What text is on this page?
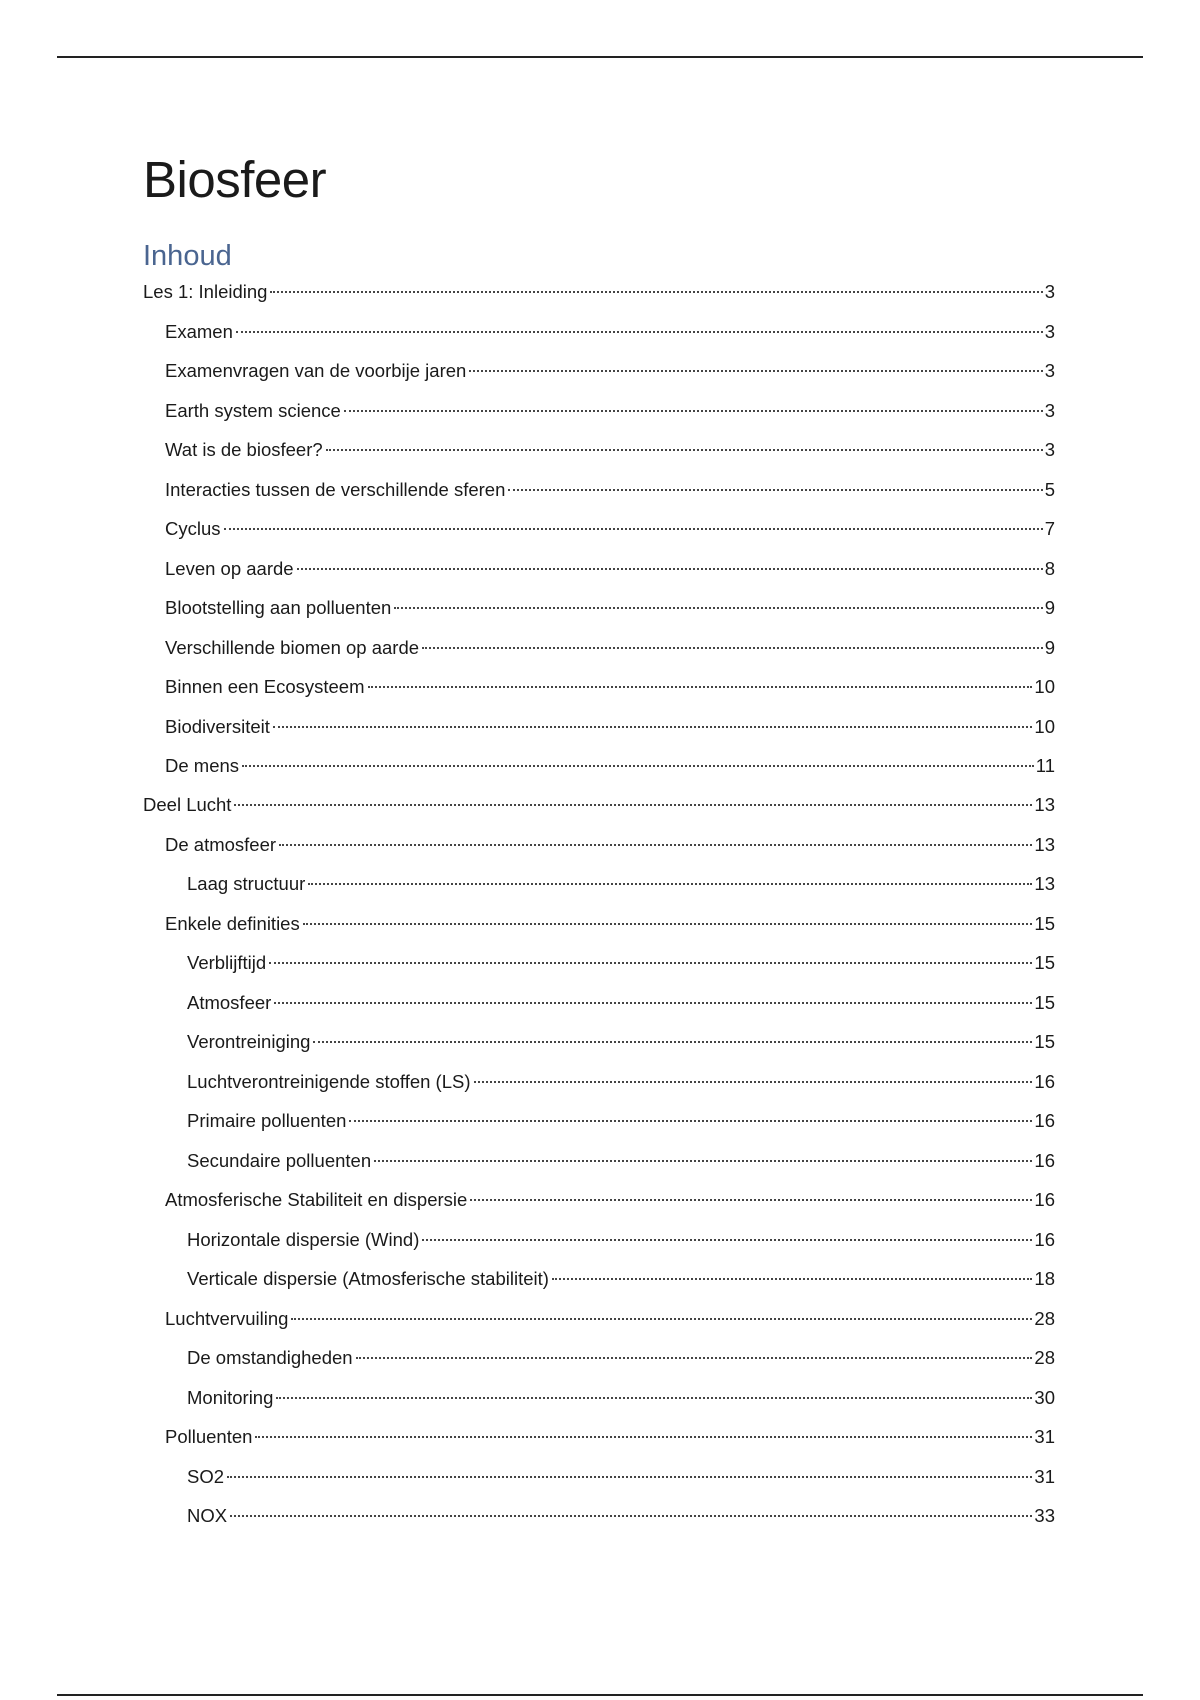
Biosfeer
Inhoud
Les 1: Inleiding	3
Examen	3
Examenvragen van de voorbije jaren	3
Earth system science	3
Wat is de biosfeer?	3
Interacties tussen de verschillende sferen	5
Cyclus	7
Leven op aarde	8
Blootstelling aan polluenten	9
Verschillende biomen op aarde	9
Binnen een Ecosysteem	10
Biodiversiteit	10
De mens	11
Deel Lucht	13
De atmosfeer	13
Laag structuur	13
Enkele definities	15
Verblijftijd	15
Atmosfeer	15
Verontreiniging	15
Luchtverontreinigende stoffen (LS)	16
Primaire polluenten	16
Secundaire polluenten	16
Atmosferische Stabiliteit en dispersie	16
Horizontale dispersie (Wind)	16
Verticale dispersie (Atmosferische stabiliteit)	18
Luchtvervuiling	28
De omstandigheden	28
Monitoring	30
Polluenten	31
SO2	31
NOX	33
